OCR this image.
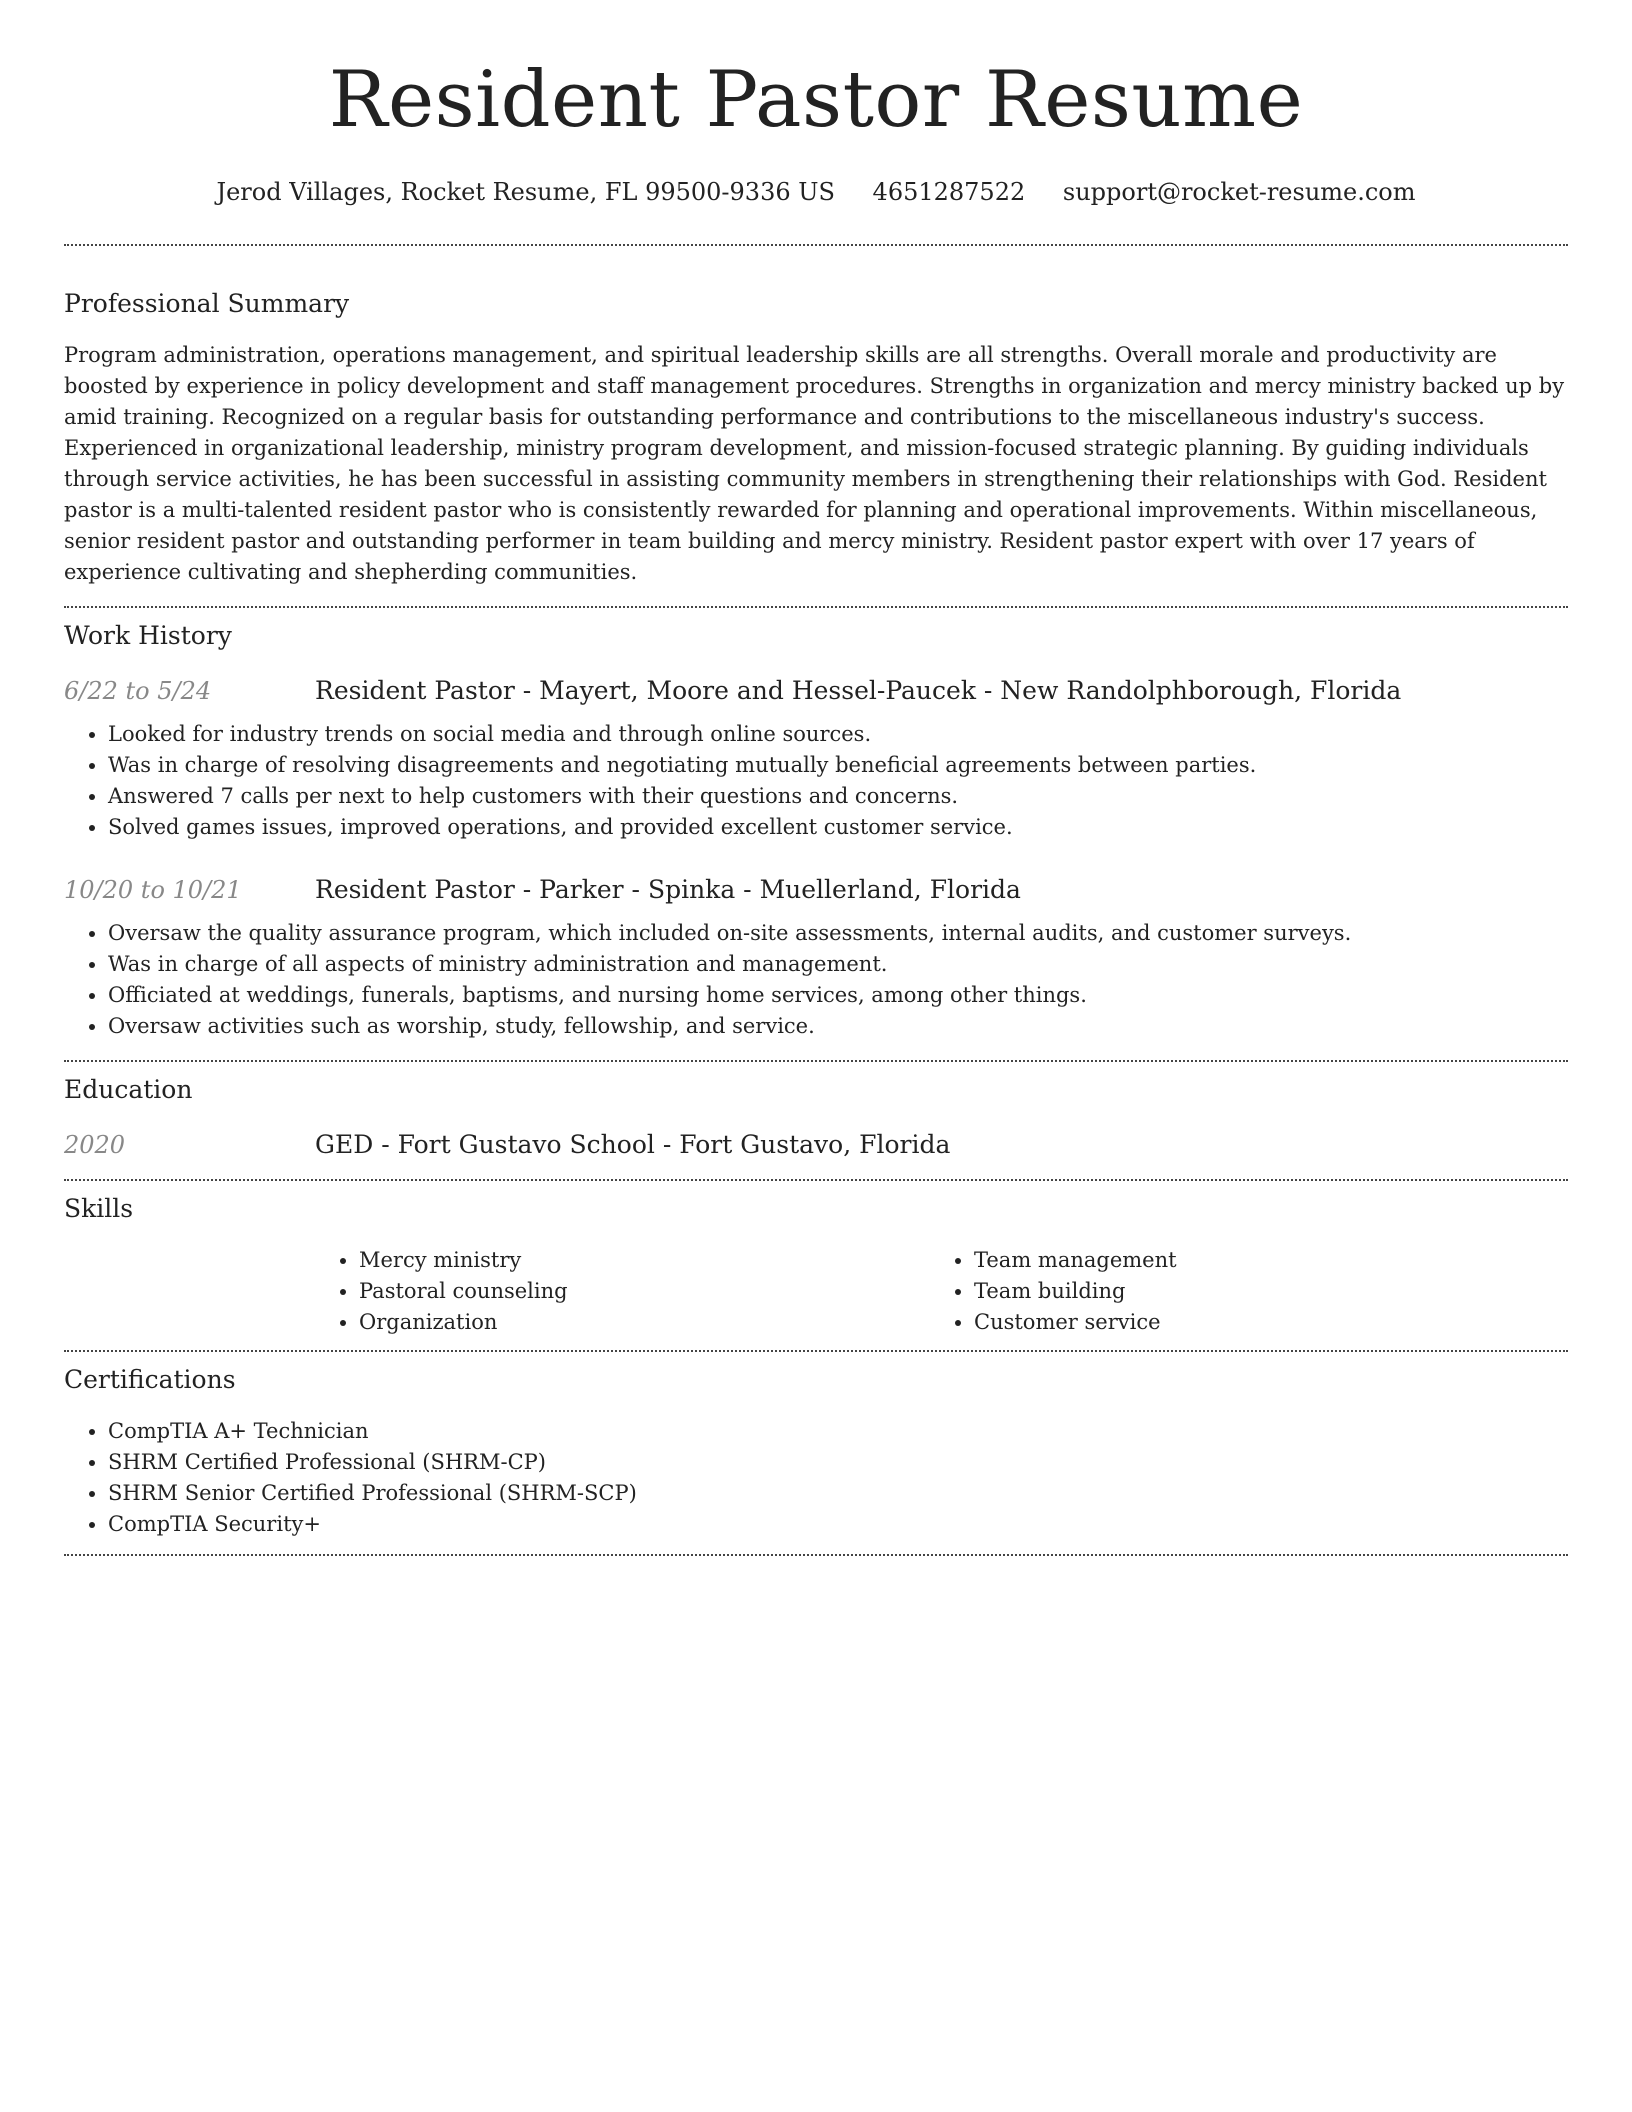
Resident Pastor Resume
Jerod Villages, Rocket Resume, FL 99500-9336 US 4651287522 support@rocket-resume.com
Professional Summary

Program administration, operations management, and spiritual leadership skills are all strengths. Overall morale and productivity are boosted by experience in policy development and staff management procedures. Strengths in organization and mercy ministry backed up by amid training. Recognized on a regular basis for outstanding performance and contributions to the miscellaneous industry's success. Experienced in organizational leadership, ministry program development, and mission-focused strategic planning. By guiding individuals through service activities, he has been successful in assisting community members in strengthening their relationships with God. Resident pastor is a multi-talented resident pastor who is consistently rewarded for planning and operational improvements. Within miscellaneous, senior resident pastor and outstanding performer in team building and mercy ministry. Resident pastor expert with over 17 years of experience cultivating and shepherding communities.

Work History
6/22 to 5/24	Resident Pastor - Mayert, Moore and Hessel-Paucek - New Randolphborough, Florida
• Looked for industry trends on social media and through online sources.
• Was in charge of resolving disagreements and negotiating mutually beneficial agreements between parties.
• Answered 7 calls per next to help customers with their questions and concerns.
• Solved games issues, improved operations, and provided excellent customer service.
10/20 to 10/21	Resident Pastor - Parker - Spinka - Muellerland, Florida
• Oversaw the quality assurance program, which included on-site assessments, internal audits, and customer surveys.
• Was in charge of all aspects of ministry administration and management.
• Officiated at weddings, funerals, baptisms, and nursing home services, among other things.
• Oversaw activities such as worship, study, fellowship, and service.
Education
2020	GED - Fort Gustavo School - Fort Gustavo, Florida
Skills
• Mercy ministry
• Pastoral counseling
• Organization
• Team management
• Team building
• Customer service
Certifications
• CompTIA A+ Technician
• SHRM Certified Professional (SHRM-CP)
• SHRM Senior Certified Professional (SHRM-SCP)
• CompTIA Security+
